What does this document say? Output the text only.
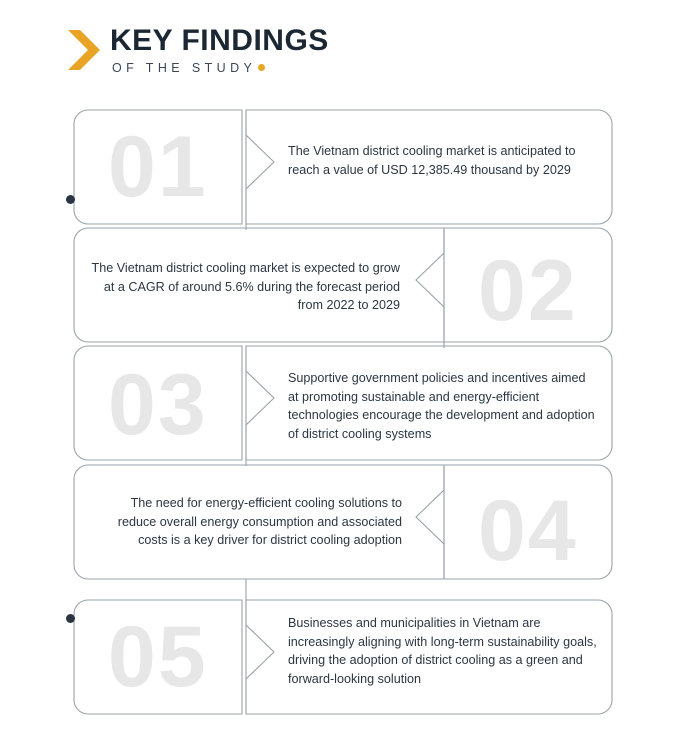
KEY FINDINGS
OF THE STUDY
01
02
03
04
05
The Vietnam district cooling market is anticipated to reach a value of USD 12,385.49 thousand by 2029
The Vietnam district cooling market is expected to grow at a CAGR of around 5.6% during the forecast period from 2022 to 2029
Supportive government policies and incentives aimed at promoting sustainable and energy-efficient technologies encourage the development and adoption of district cooling systems
The need for energy-efficient cooling solutions to reduce overall energy consumption and associated costs is a key driver for district cooling adoption
Businesses and municipalities in Vietnam are increasingly aligning with long-term sustainability goals, driving the adoption of district cooling as a green and forward-looking solution
